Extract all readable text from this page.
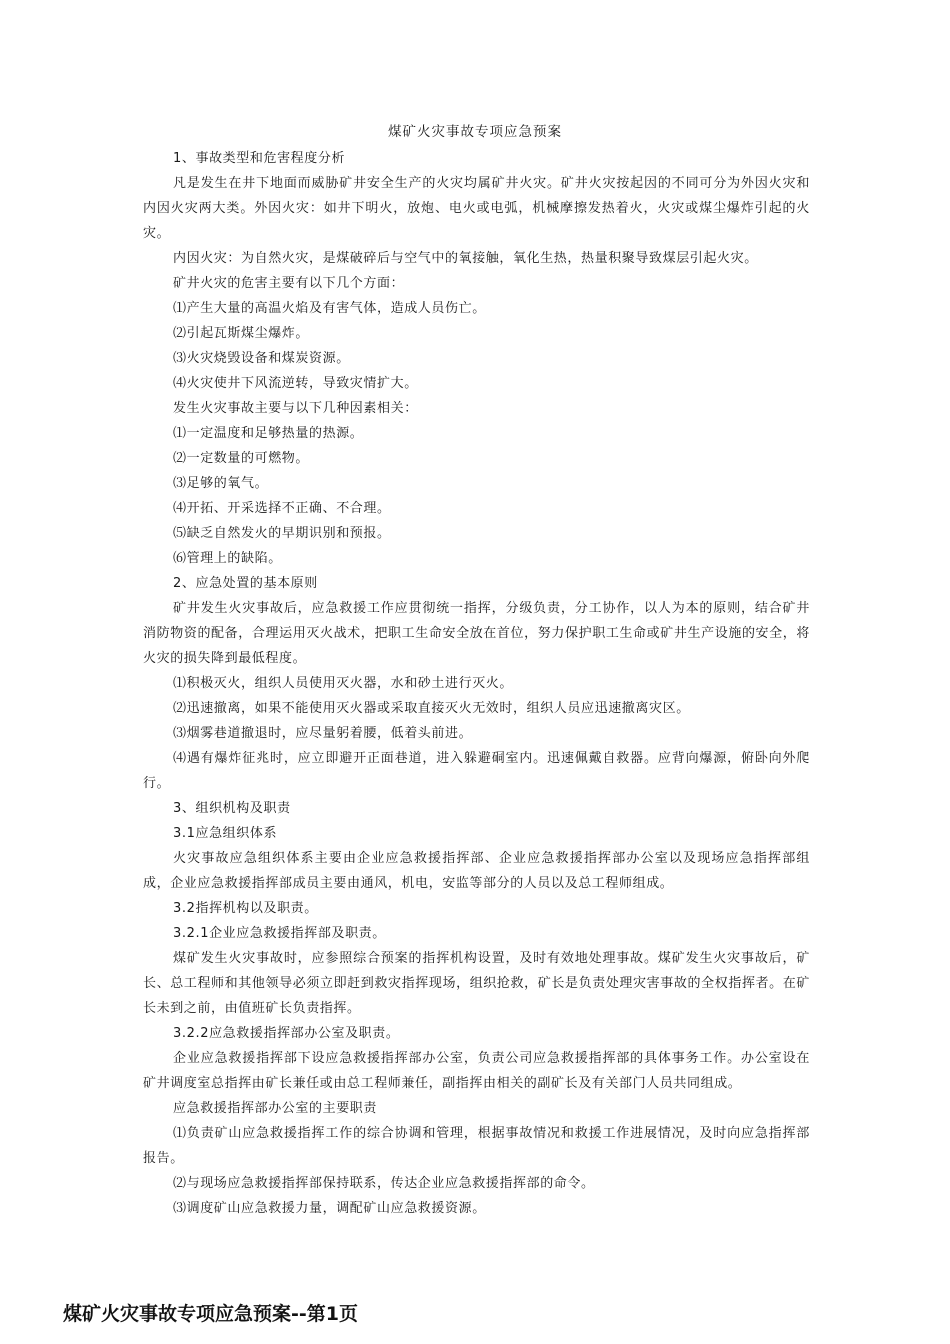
煤矿火灾事故专项应急预案

1、事故类型和危害程度分析

凡是发生在井下地面而威胁矿井安全生产的火灾均属矿井火灾。矿井火灾按起因的不同可分为外因火灾和内因火灾两大类。外因火灾：如井下明火，放炮、电火或电弧，机械摩擦发热着火，火灾或煤尘爆炸引起的火灾。

内因火灾：为自然火灾，是煤破碎后与空气中的氧接触，氧化生热，热量积聚导致煤层引起火灾。

矿井火灾的危害主要有以下几个方面：

⑴产生大量的高温火焰及有害气体，造成人员伤亡。

⑵引起瓦斯煤尘爆炸。

⑶火灾烧毁设备和煤炭资源。

⑷火灾使井下风流逆转，导致灾情扩大。

发生火灾事故主要与以下几种因素相关：

⑴一定温度和足够热量的热源。

⑵一定数量的可燃物。

⑶足够的氧气。

⑷开拓、开采选择不正确、不合理。

⑸缺乏自然发火的早期识别和预报。

⑹管理上的缺陷。

2、应急处置的基本原则

矿井发生火灾事故后，应急救援工作应贯彻统一指挥，分级负责，分工协作，以人为本的原则，结合矿井消防物资的配备，合理运用灭火战术，把职工生命安全放在首位，努力保护职工生命或矿井生产设施的安全，将火灾的损失降到最低程度。

⑴积极灭火，组织人员使用灭火器，水和砂土进行灭火。

⑵迅速撤离，如果不能使用灭火器或采取直接灭火无效时，组织人员应迅速撤离灾区。

⑶烟雾巷道撤退时，应尽量躬着腰，低着头前进。

⑷遇有爆炸征兆时，应立即避开正面巷道，进入躲避硐室内。迅速佩戴自救器。应背向爆源，俯卧向外爬行。

3、组织机构及职责

3.1应急组织体系

火灾事故应急组织体系主要由企业应急救援指挥部、企业应急救援指挥部办公室以及现场应急指挥部组成，企业应急救援指挥部成员主要由通风，机电，安监等部分的人员以及总工程师组成。

3.2指挥机构以及职责。

3.2.1企业应急救援指挥部及职责。

煤矿发生火灾事故时，应参照综合预案的指挥机构设置，及时有效地处理事故。煤矿发生火灾事故后，矿长、总工程师和其他领导必须立即赶到救灾指挥现场，组织抢救，矿长是负责处理灾害事故的全权指挥者。在矿长未到之前，由值班矿长负责指挥。

3.2.2应急救援指挥部办公室及职责。

企业应急救援指挥部下设应急救援指挥部办公室，负责公司应急救援指挥部的具体事务工作。办公室设在矿井调度室总指挥由矿长兼任或由总工程师兼任，副指挥由相关的副矿长及有关部门人员共同组成。

应急救援指挥部办公室的主要职责

⑴负责矿山应急救援指挥工作的综合协调和管理，根据事故情况和救援工作进展情况，及时向应急指挥部报告。

⑵与现场应急救援指挥部保持联系，传达企业应急救援指挥部的命令。

⑶调度矿山应急救援力量，调配矿山应急救援资源。

煤矿火灾事故专项应急预案--第1页
